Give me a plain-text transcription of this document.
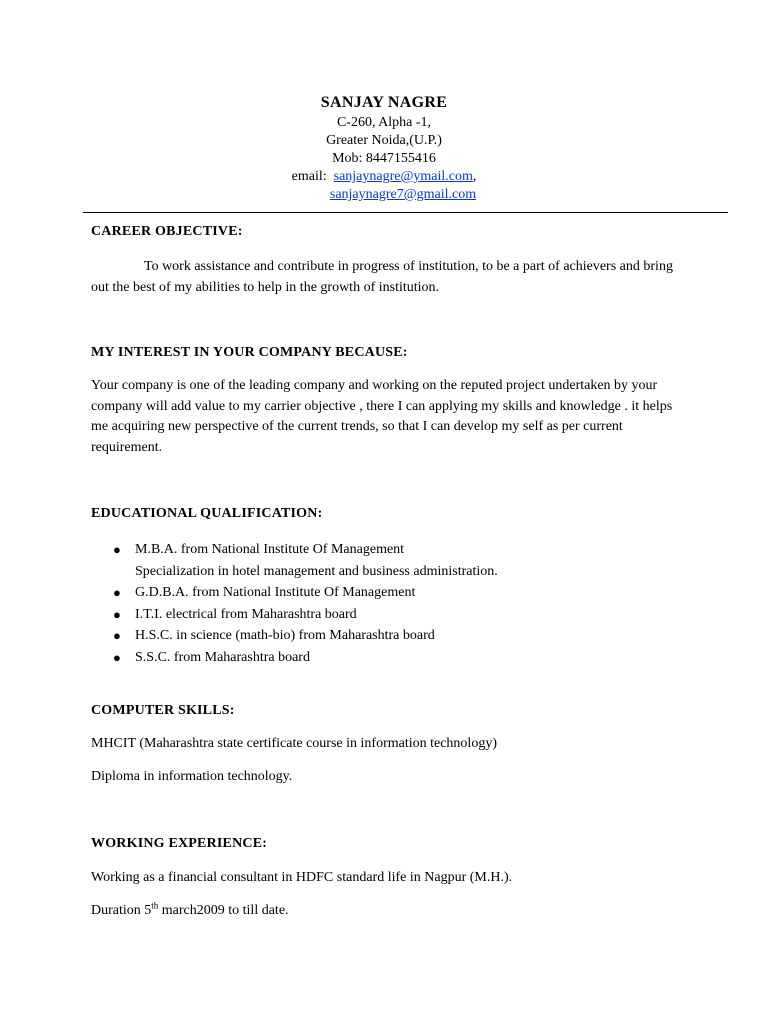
SANJAY NAGRE
C-260, Alpha -1,
Greater Noida,(U.P.)
Mob: 8447155416
email: sanjaynagre@ymail.com,
sanjaynagre7@gmail.com
CAREER OBJECTIVE:
To work assistance and contribute in progress of institution, to be a part of achievers and bring out the best of my abilities to help in the growth of institution.
MY INTEREST IN YOUR COMPANY BECAUSE:
Your company is one of the leading company and working on the reputed project undertaken by your company will add value to my carrier objective , there I can applying my skills and knowledge . it helps me acquiring new perspective of the current trends, so that I can develop my self as per current requirement.
EDUCATIONAL QUALIFICATION:
● M.B.A. from National Institute Of Management
Specialization in hotel management and business administration.
● G.D.B.A. from National Institute Of Management
● I.T.I. electrical from Maharashtra board
● H.S.C. in science (math-bio) from Maharashtra board
● S.S.C. from Maharashtra board
COMPUTER SKILLS:
MHCIT (Maharashtra state certificate course in information technology)
Diploma in information technology.
WORKING EXPERIENCE:
Working as a financial consultant in HDFC standard life in Nagpur (M.H.).
Duration 5th march2009 to till date.
